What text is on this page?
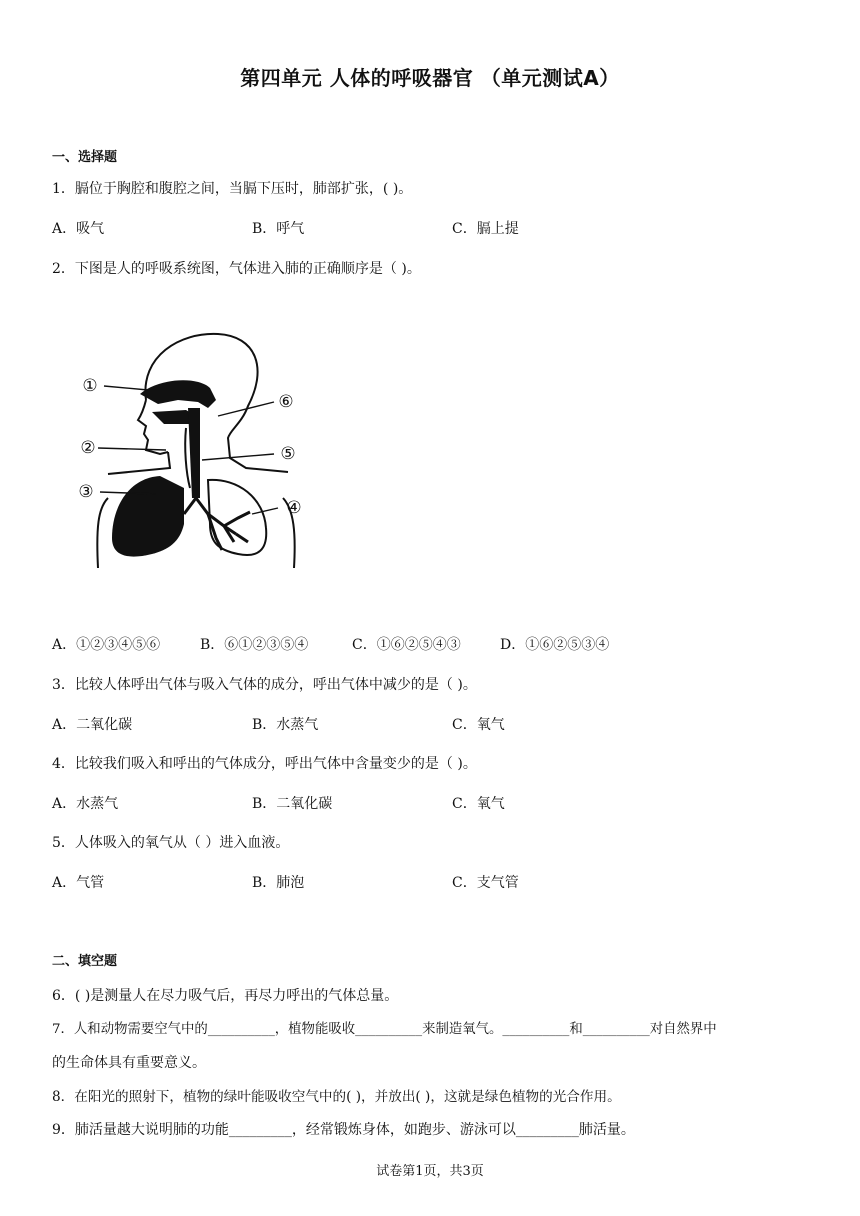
第四单元 人体的呼吸器官 （单元测试A）
一、选择题
1．膈位于胸腔和腹腔之间，当膈下压时，肺部扩张，( )。
A．吸气	B．呼气	C．膈上提
2．下图是人的呼吸系统图，气体进入肺的正确顺序是（ )。
①
②
③
④
⑤
⑥
A．①②③④⑤⑥	B．⑥①②③⑤④	C．①⑥②⑤④③	D．①⑥②⑤③④
3．比较人体呼出气体与吸入气体的成分，呼出气体中减少的是（ )。
A．二氧化碳	B．水蒸气	C．氧气
4．比较我们吸入和呼出的气体成分，呼出气体中含量变少的是（ )。
A．水蒸气	B．二氧化碳	C．氧气
5．人体吸入的氧气从（ ）进入血液。
A．气管	B．肺泡	C．支气管
二、填空题
6．( )是测量人在尽力吸气后，再尽力呼出的气体总量。
7．人和动物需要空气中的__________，植物能吸收__________来制造氧气。__________和__________对自然界中
的生命体具有重要意义。
8．在阳光的照射下，植物的绿叶能吸收空气中的( )，并放出( )，这就是绿色植物的光合作用。
9．肺活量越大说明肺的功能_________，经常锻炼身体，如跑步、游泳可以_________肺活量。
试卷第1页，共3页
